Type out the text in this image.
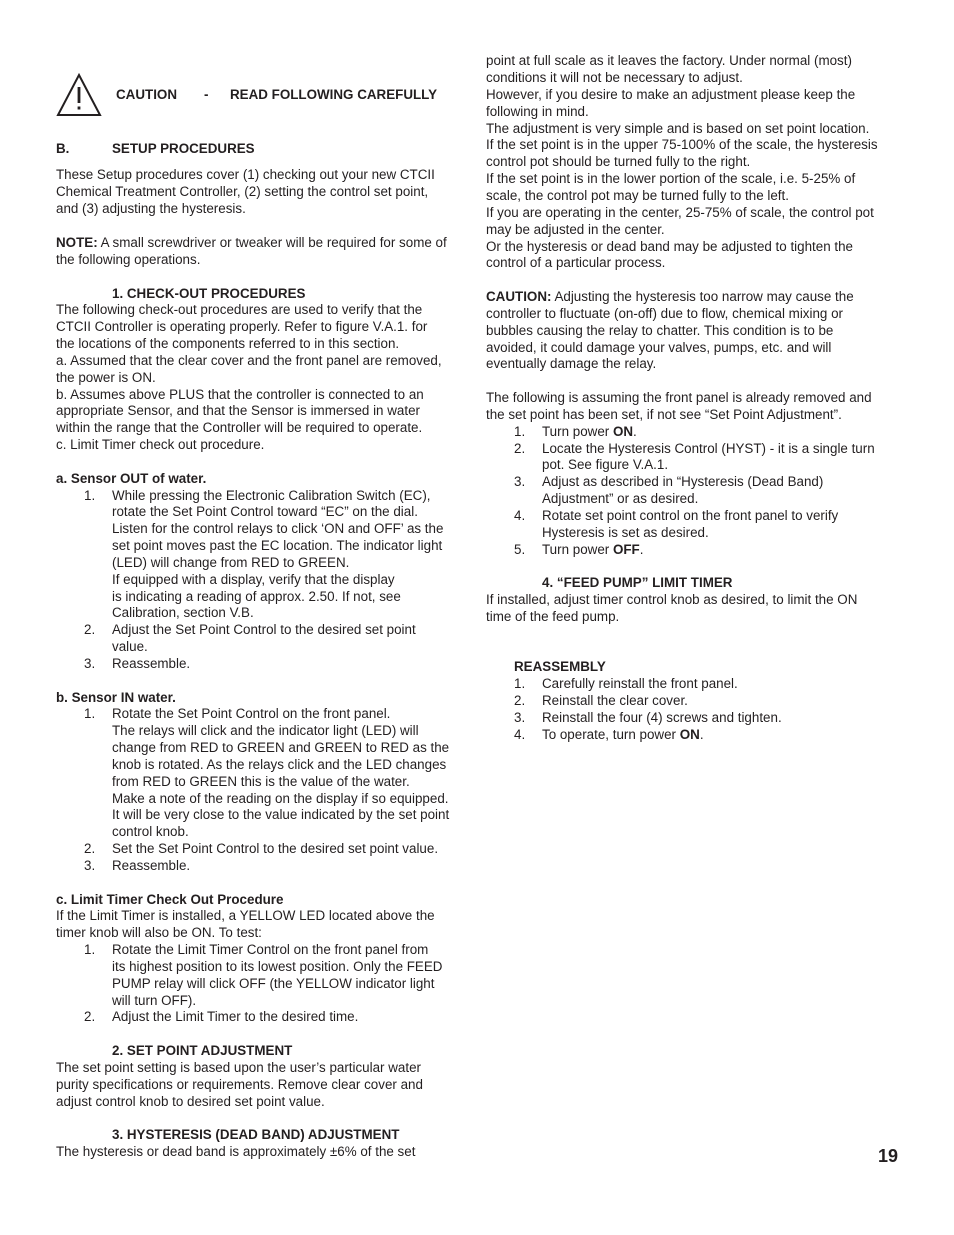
CAUTION - READ FOLLOWING CAREFULLY
B.	SETUP PROCEDURES
These Setup procedures cover (1) checking out your new CTCII
Chemical Treatment Controller, (2) setting the control set point,
and (3) adjusting the hysteresis.
NOTE: A small screwdriver or tweaker will be required for some of
the following operations.
1. CHECK-OUT PROCEDURES
The following check-out procedures are used to verify that the
CTCII Controller is operating properly. Refer to figure V.A.1. for
the locations of the components referred to in this section.
a. Assumed that the clear cover and the front panel are removed,
the power is ON.
b. Assumes above PLUS that the controller is connected to an
appropriate Sensor, and that the Sensor is immersed in water
within the range that the Controller will be required to operate.
c. Limit Timer check out procedure.
a. Sensor OUT of water.
1. While pressing the Electronic Calibration Switch (EC),
rotate the Set Point Control toward “EC” on the dial.
Listen for the control relays to click ‘ON and OFF’ as the
set point moves past the EC location. The indicator light
(LED) will change from RED to GREEN.
If equipped with a display, verify that the display
is indicating a reading of approx. 2.50. If not, see
Calibration, section V.B.
2. Adjust the Set Point Control to the desired set point
value.
3. Reassemble.
b. Sensor IN water.
1. Rotate the Set Point Control on the front panel.
The relays will click and the indicator light (LED) will
change from RED to GREEN and GREEN to RED as the
knob is rotated. As the relays click and the LED changes
from RED to GREEN this is the value of the water.
Make a note of the reading on the display if so equipped.
It will be very close to the value indicated by the set point
control knob.
2. Set the Set Point Control to the desired set point value.
3. Reassemble.
c. Limit Timer Check Out Procedure
If the Limit Timer is installed, a YELLOW LED located above the
timer knob will also be ON. To test:
1. Rotate the Limit Timer Control on the front panel from
its highest position to its lowest position. Only the FEED
PUMP relay will click OFF (the YELLOW indicator light
will turn OFF).
2. Adjust the Limit Timer to the desired time.
2. SET POINT ADJUSTMENT
The set point setting is based upon the user’s particular water
purity specifications or requirements. Remove clear cover and
adjust control knob to desired set point value.
3. HYSTERESIS (DEAD BAND) ADJUSTMENT
The hysteresis or dead band is approximately ±6% of the set
point at full scale as it leaves the factory. Under normal (most)
conditions it will not be necessary to adjust.
However, if you desire to make an adjustment please keep the
following in mind.
The adjustment is very simple and is based on set point location.
If the set point is in the upper 75-100% of the scale, the hysteresis
control pot should be turned fully to the right.
If the set point is in the lower portion of the scale, i.e. 5-25% of
scale, the control pot may be turned fully to the left.
If you are operating in the center, 25-75% of scale, the control pot
may be adjusted in the center.
Or the hysteresis or dead band may be adjusted to tighten the
control of a particular process.
CAUTION: Adjusting the hysteresis too narrow may cause the
controller to fluctuate (on-off) due to flow, chemical mixing or
bubbles causing the relay to chatter. This condition is to be
avoided, it could damage your valves, pumps, etc. and will
eventually damage the relay.
The following is assuming the front panel is already removed and
the set point has been set, if not see “Set Point Adjustment”.
1. Turn power ON.
2. Locate the Hysteresis Control (HYST) - it is a single turn
pot. See figure V.A.1.
3. Adjust as described in “Hysteresis (Dead Band)
Adjustment” or as desired.
4. Rotate set point control on the front panel to verify
Hysteresis is set as desired.
5. Turn power OFF.
4. “FEED PUMP” LIMIT TIMER
If installed, adjust timer control knob as desired, to limit the ON
time of the feed pump.
REASSEMBLY
1. Carefully reinstall the front panel.
2. Reinstall the clear cover.
3. Reinstall the four (4) screws and tighten.
4. To operate, turn power ON.
19
